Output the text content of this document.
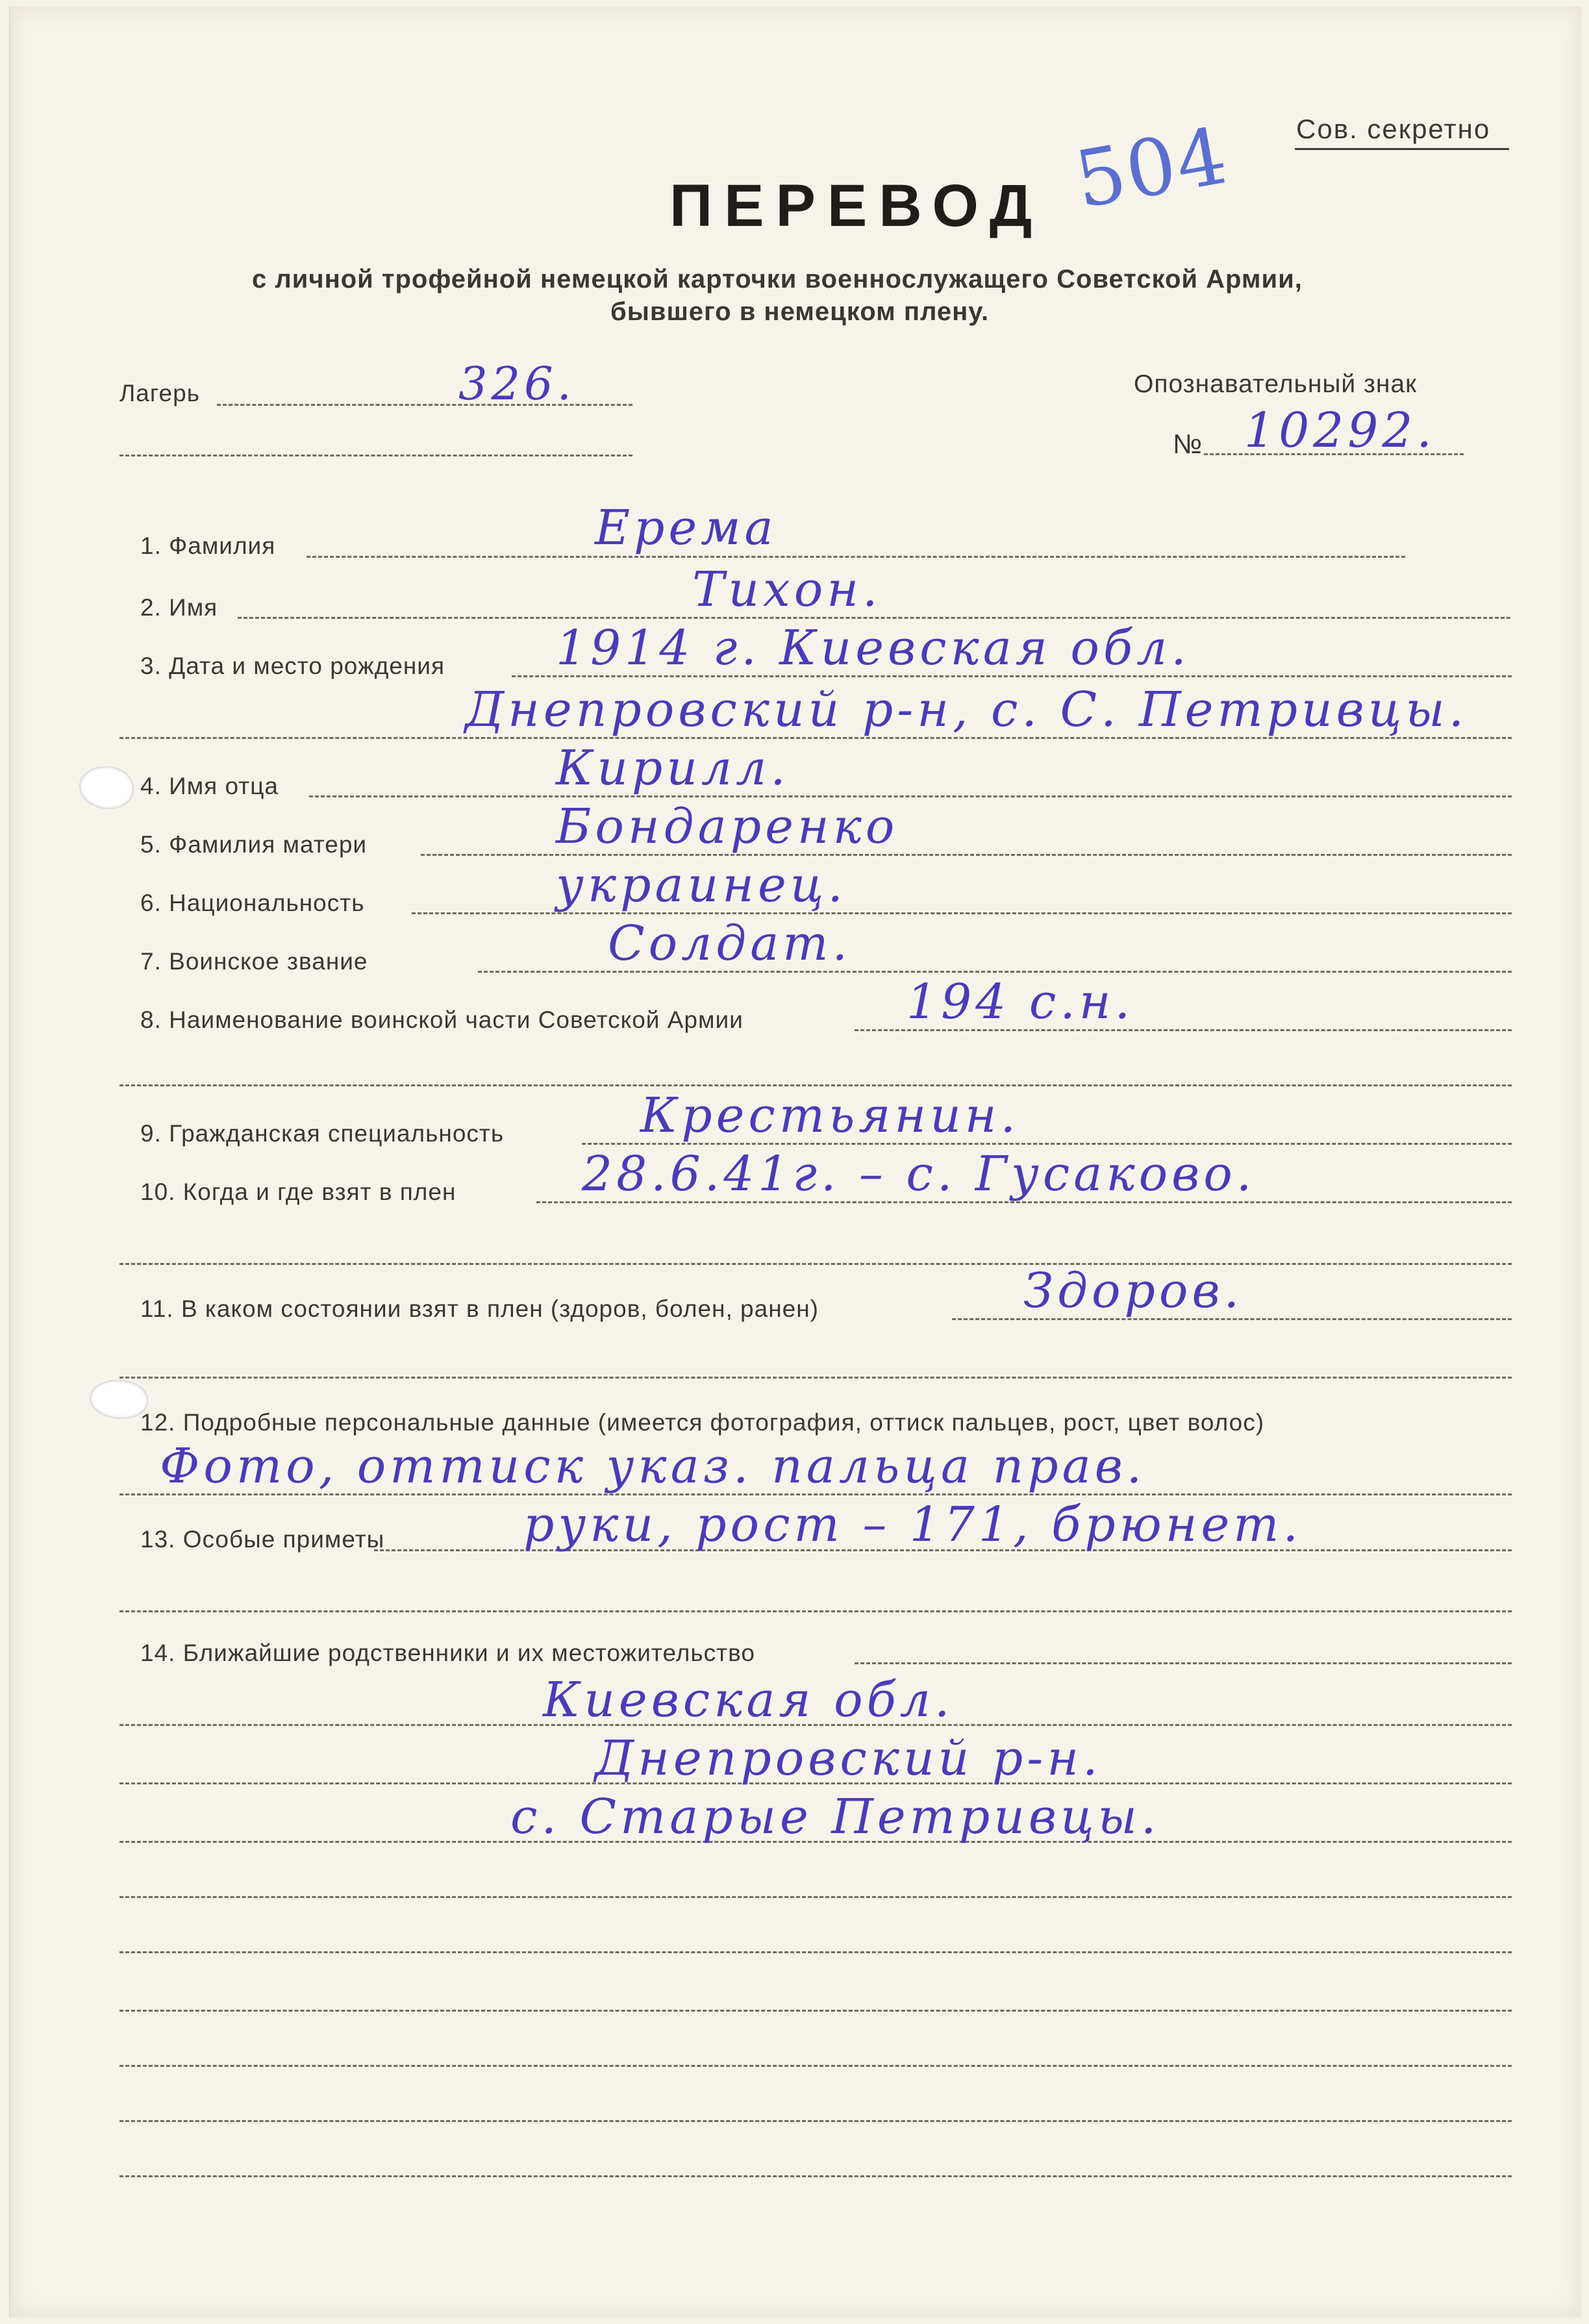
Сов. секретно
ПЕРЕВОД 504
с личной трофейной немецкой карточки военнослужащего Советской Армии,
бывшего в немецком плену.
Лагерь	326.	Опознавательный знак
№ 10292.
1. Фамилия	Ерема
2. Имя	Тихон.
3. Дата и место рождения 1914 г. Киевская обл.
Днепровский р-н, с. С. Петривцы.
4. Имя отца	Кирилл.
5. Фамилия матери	Бондаренко
6. Национальность	украинец.
7. Воинское звание	Солдат.
8. Наименование воинской части Советской Армии	194 с.н.
9. Гражданская специальность	Крестьянин.
10. Когда и где взят в плен	28.6.41г. – с. Гусаково.
11. В каком состоянии взят в плен (здоров, болен, ранен)	Здоров.
12. Подробные персональные данные (имеется фотография, оттиск пальцев, рост, цвет волос)
Фото, оттиск указ. пальца прав.
13. Особые приметы	руки, рост – 171, брюнет.
14. Ближайшие родственники и их местожительство
Киевская обл.
Днепровский р-н.
с. Старые Петривцы.
